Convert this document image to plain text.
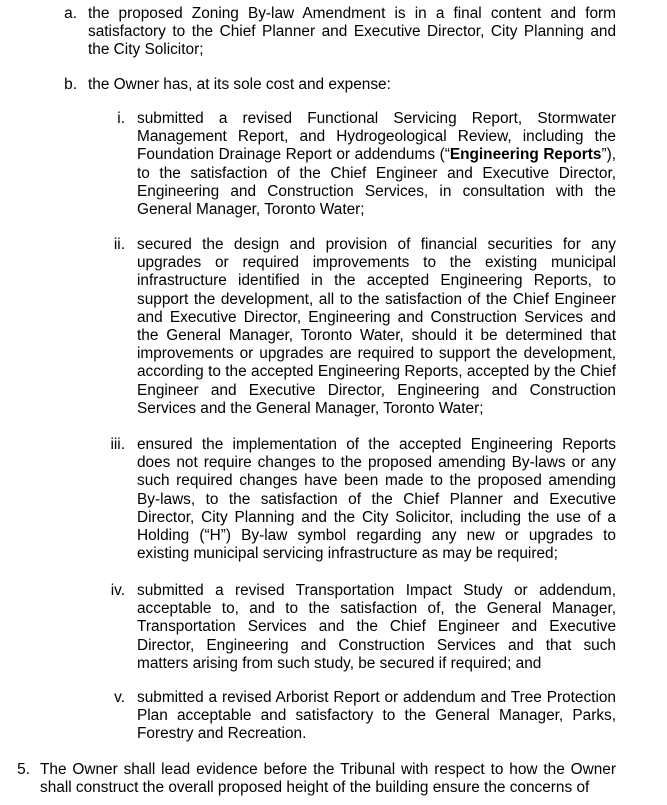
a. the proposed Zoning By-law Amendment is in a final content and form satisfactory to the Chief Planner and Executive Director, City Planning and the City Solicitor;
b. the Owner has, at its sole cost and expense:
i. submitted a revised Functional Servicing Report, Stormwater Management Report, and Hydrogeological Review, including the Foundation Drainage Report or addendums (“Engineering Reports”), to the satisfaction of the Chief Engineer and Executive Director, Engineering and Construction Services, in consultation with the General Manager, Toronto Water;
ii. secured the design and provision of financial securities for any upgrades or required improvements to the existing municipal infrastructure identified in the accepted Engineering Reports, to support the development, all to the satisfaction of the Chief Engineer and Executive Director, Engineering and Construction Services and the General Manager, Toronto Water, should it be determined that improvements or upgrades are required to support the development, according to the accepted Engineering Reports, accepted by the Chief Engineer and Executive Director, Engineering and Construction Services and the General Manager, Toronto Water;
iii. ensured the implementation of the accepted Engineering Reports does not require changes to the proposed amending By-laws or any such required changes have been made to the proposed amending By-laws, to the satisfaction of the Chief Planner and Executive Director, City Planning and the City Solicitor, including the use of a Holding (“H”) By-law symbol regarding any new or upgrades to existing municipal servicing infrastructure as may be required;
iv. submitted a revised Transportation Impact Study or addendum, acceptable to, and to the satisfaction of, the General Manager, Transportation Services and the Chief Engineer and Executive Director, Engineering and Construction Services and that such matters arising from such study, be secured if required; and
v. submitted a revised Arborist Report or addendum and Tree Protection Plan acceptable and satisfactory to the General Manager, Parks, Forestry and Recreation.
5. The Owner shall lead evidence before the Tribunal with respect to how the Owner shall construct the overall proposed height of the building ensure the concerns of
